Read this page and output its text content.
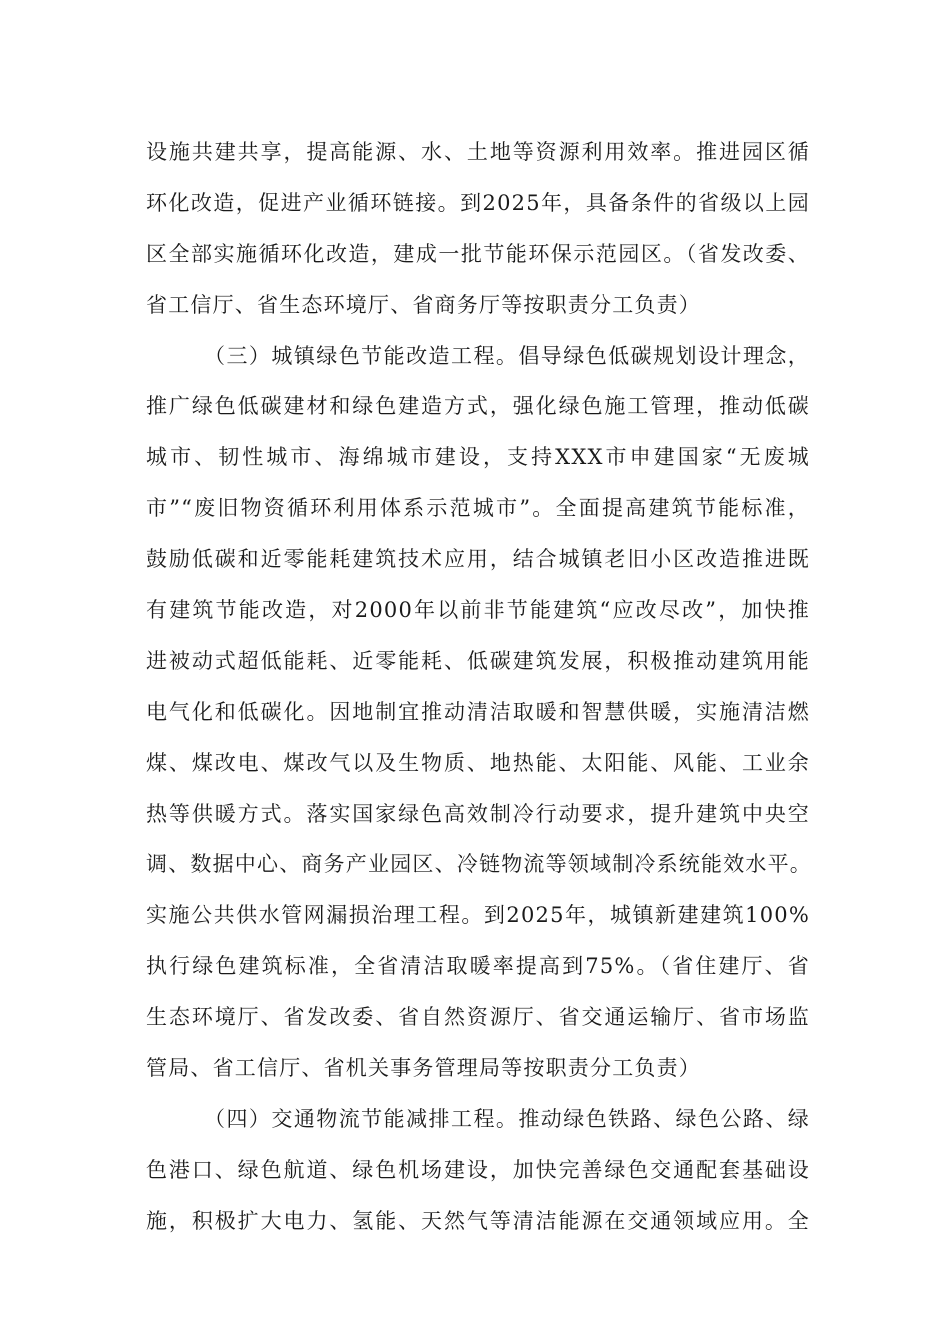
设施共建共享，提高能源、水、土地等资源利用效率。推进园区循
环化改造，促进产业循环链接。到2025年，具备条件的省级以上园
区全部实施循环化改造，建成一批节能环保示范园区。（省发改委、
省工信厅、省生态环境厅、省商务厅等按职责分工负责）
（三）城镇绿色节能改造工程。倡导绿色低碳规划设计理念，
推广绿色低碳建材和绿色建造方式，强化绿色施工管理，推动低碳
城市、韧性城市、海绵城市建设，支持XXX市申建国家“无废城
市”“废旧物资循环利用体系示范城市”。全面提高建筑节能标准，
鼓励低碳和近零能耗建筑技术应用，结合城镇老旧小区改造推进既
有建筑节能改造，对2000年以前非节能建筑“应改尽改”，加快推
进被动式超低能耗、近零能耗、低碳建筑发展，积极推动建筑用能
电气化和低碳化。因地制宜推动清洁取暖和智慧供暖，实施清洁燃
煤、煤改电、煤改气以及生物质、地热能、太阳能、风能、工业余
热等供暖方式。落实国家绿色高效制冷行动要求，提升建筑中央空
调、数据中心、商务产业园区、冷链物流等领域制冷系统能效水平。
实施公共供水管网漏损治理工程。到2025年，城镇新建建筑100%
执行绿色建筑标准，全省清洁取暖率提高到75%。（省住建厅、省
生态环境厅、省发改委、省自然资源厅、省交通运输厅、省市场监
管局、省工信厅、省机关事务管理局等按职责分工负责）
（四）交通物流节能减排工程。推动绿色铁路、绿色公路、绿
色港口、绿色航道、绿色机场建设，加快完善绿色交通配套基础设
施，积极扩大电力、氢能、天然气等清洁能源在交通领域应用。全
